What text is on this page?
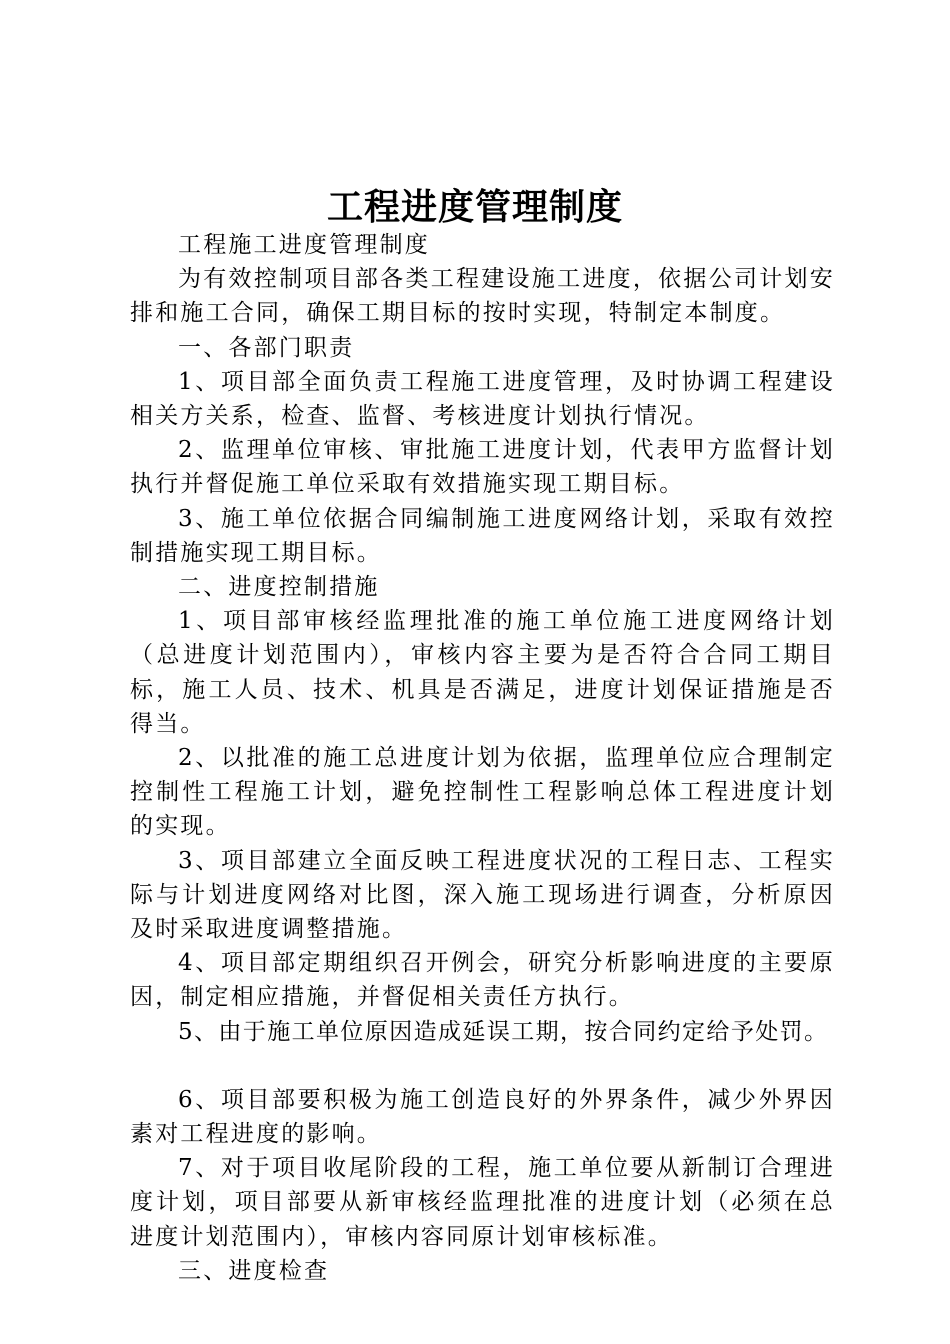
工程进度管理制度

工程施工进度管理制度

为有效控制项目部各类工程建设施工进度，依据公司计划安排和施工合同，确保工期目标的按时实现，特制定本制度。

一、各部门职责

1、项目部全面负责工程施工进度管理，及时协调工程建设相关方关系，检查、监督、考核进度计划执行情况。

2、监理单位审核、审批施工进度计划，代表甲方监督计划执行并督促施工单位采取有效措施实现工期目标。

3、施工单位依据合同编制施工进度网络计划，采取有效控制措施实现工期目标。

二、进度控制措施

1、项目部审核经监理批准的施工单位施工进度网络计划（总进度计划范围内），审核内容主要为是否符合合同工期目标，施工人员、技术、机具是否满足，进度计划保证措施是否得当。

2、以批准的施工总进度计划为依据，监理单位应合理制定控制性工程施工计划，避免控制性工程影响总体工程进度计划的实现。

3、项目部建立全面反映工程进度状况的工程日志、工程实际与计划进度网络对比图，深入施工现场进行调查，分析原因及时采取进度调整措施。

4、项目部定期组织召开例会，研究分析影响进度的主要原因，制定相应措施，并督促相关责任方执行。

5、由于施工单位原因造成延误工期，按合同约定给予处罚。

6、项目部要积极为施工创造良好的外界条件，减少外界因素对工程进度的影响。

7、对于项目收尾阶段的工程，施工单位要从新制订合理进度计划，项目部要从新审核经监理批准的进度计划（必须在总进度计划范围内），审核内容同原计划审核标准。

三、进度检查
